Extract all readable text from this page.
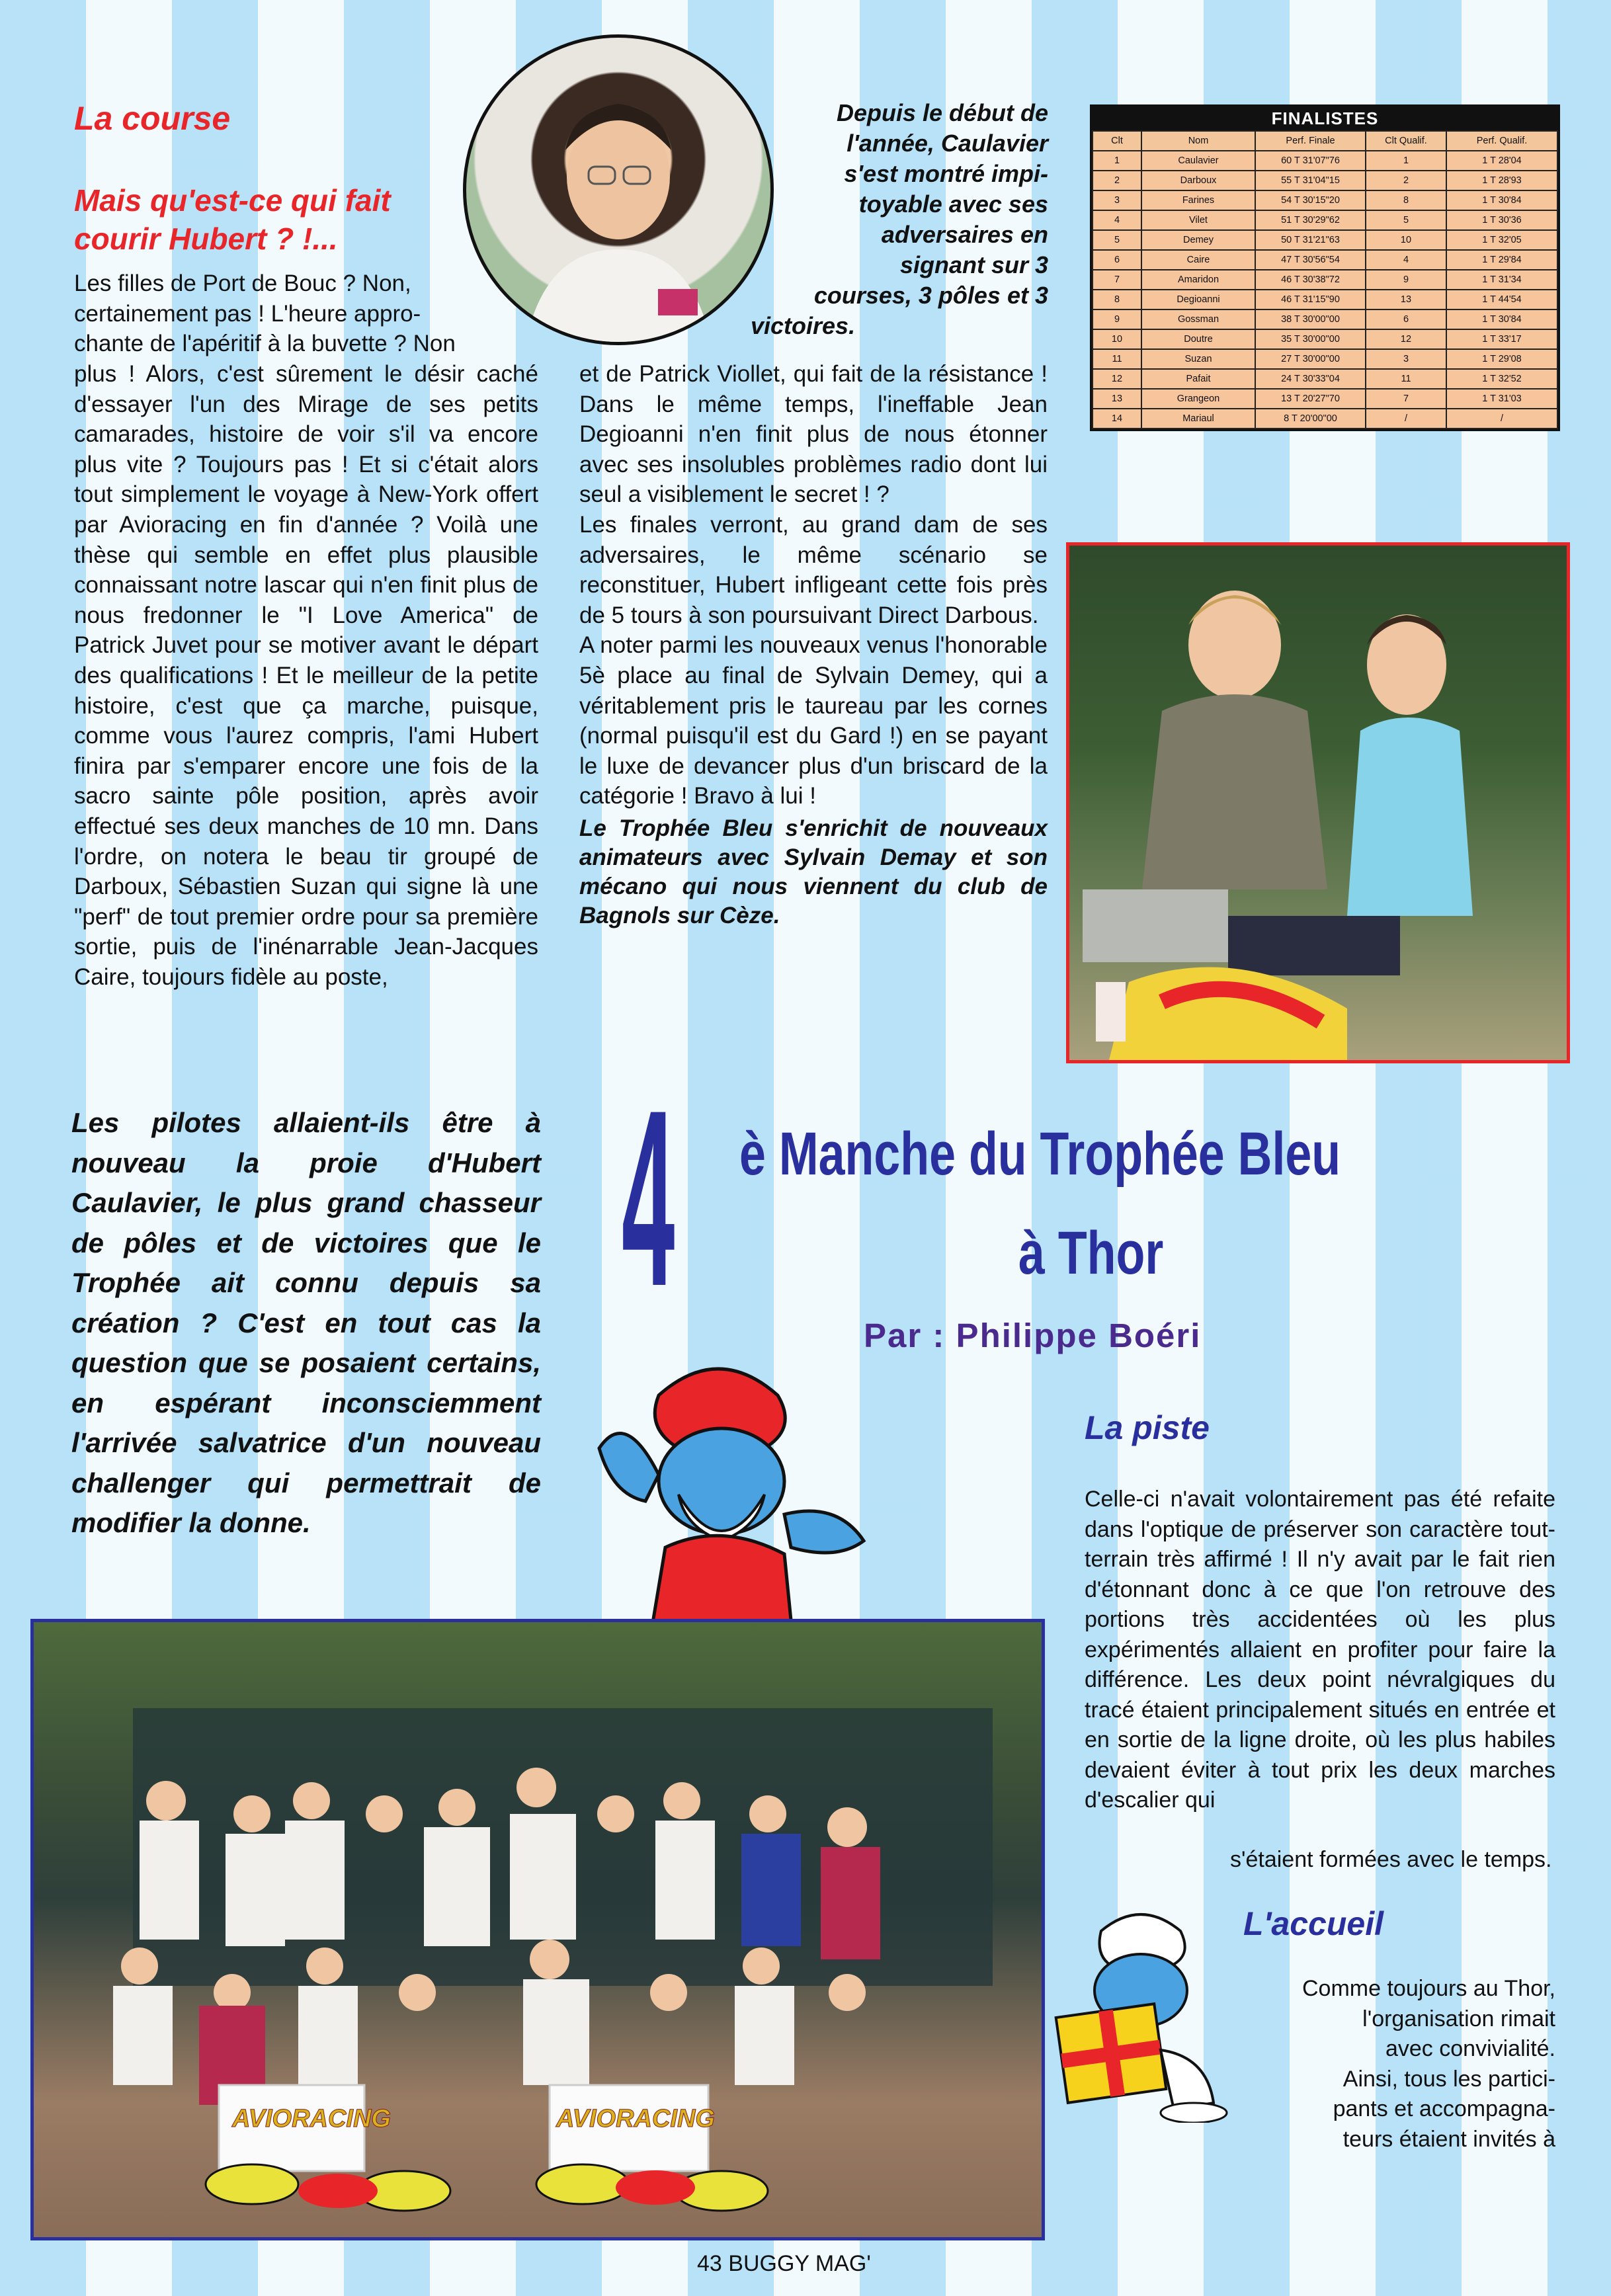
La course
Mais qu'est-ce qui fait courir Hubert ? !...

Les filles de Port de Bouc ? Non,

certainement pas ! L'heure appro-

chante de l'apéritif à la buvette ? Non

plus ! Alors, c'est sûrement le désir caché d'essayer l'un des Mirage de ses petits camarades, histoire de voir s'il va encore plus vite ? Toujours pas ! Et si c'était alors tout simplement le voyage à New-York offert par Avioracing en fin d'année ? Voilà une thèse qui semble en effet plus plausible connaissant notre lascar qui n'en finit plus de nous fredonner le "I Love America" de Patrick Juvet pour se motiver avant le départ des qualifications ! Et le meilleur de la petite histoire, c'est que ça marche, puisque, comme vous l'aurez compris, l'ami Hubert finira par s'emparer encore une fois de la sacro sainte pôle position, après avoir effectué ses deux manches de 10 mn. Dans l'ordre, on notera le beau tir groupé de Darboux, Sébastien Suzan qui signe là une "perf" de tout premier ordre pour sa première sortie, puis de l'inénarrable Jean-Jacques Caire, toujours fidèle au poste,

Depuis le début de
l'année, Caulavier
s'est montré impi-
toyable avec ses
adversaires en
signant sur 3
courses, 3 pôles et 3
victoires.

et de Patrick Viollet, qui fait de la résistance ! Dans le même temps, l'ineffable Jean Degioanni n'en finit plus de nous étonner avec ses insolubles problèmes radio dont lui seul a visiblement le secret ! ?

Les finales verront, au grand dam de ses adversaires, le même scénario se reconstituer, Hubert infligeant cette fois près de 5 tours à son poursuivant Direct Darbous.

A noter parmi les nouveaux venus l'honorable 5è place au final de Sylvain Demey, qui a véritablement pris le taureau par les cornes (normal puisqu'il est du Gard !) en se payant le luxe de devancer plus d'un briscard de la catégorie ! Bravo à lui !

Le Trophée Bleu s'enrichit de nouveaux animateurs avec Sylvain Demay et son mécano qui nous viennent du club de Bagnols sur Cèze.

FINALISTES
Clt	Nom	Perf. Finale	Clt Qualif.	Perf. Qualif.
1	Caulavier	60 T 31'07"76	1	1 T 28'04
2	Darboux	55 T 31'04"15	2	1 T 28'93
3	Farines	54 T 30'15"20	8	1 T 30'84
4	Vilet	51 T 30'29"62	5	1 T 30'36
5	Demey	50 T 31'21"63	10	1 T 32'05
6	Caire	47 T 30'56"54	4	1 T 29'84
7	Amaridon	46 T 30'38"72	9	1 T 31'34
8	Degioanni	46 T 31'15"90	13	1 T 44'54
9	Gossman	38 T 30'00"00	6	1 T 30'84
10	Doutre	35 T 30'00"00	12	1 T 33'17
11	Suzan	27 T 30'00"00	3	1 T 29'08
12	Pafait	24 T 30'33"04	11	1 T 32'52
13	Grangeon	13 T 20'27"70	7	1 T 31'03
14	Mariaul	8 T 20'00"00	/	/

Les pilotes allaient-ils être à nouveau la proie d'Hubert Caulavier, le plus grand chasseur de pôles et de victoires que le Trophée ait connu depuis sa création ? C'est en tout cas la question que se posaient certains, en espérant inconsciemment l'arrivée salvatrice d'un nouveau challenger qui permettrait de modifier la donne.

4 è Manche du Trophée Bleu
à Thor
Par : Philippe Boéri
La piste

Celle-ci n'avait volontairement pas été refaite dans l'optique de préserver son caractère tout-terrain très affirmé ! Il n'y avait par le fait rien d'étonnant donc à ce que l'on retrouve des portions très accidentées où les plus expérimentés allaient en profiter pour faire la différence. Les deux point névralgiques du tracé étaient principalement situés en entrée et en sortie de la ligne droite, où les plus habiles devaient éviter à tout prix les deux marches d'escalier qui

s'étaient formées avec le temps.

L'accueil
Comme toujours au Thor,
l'organisation rimait
avec convivialité.
Ainsi, tous les partici-
pants et accompagna-
teurs étaient invités à
AVIORACING	AVIORACING
43 BUGGY MAG'
